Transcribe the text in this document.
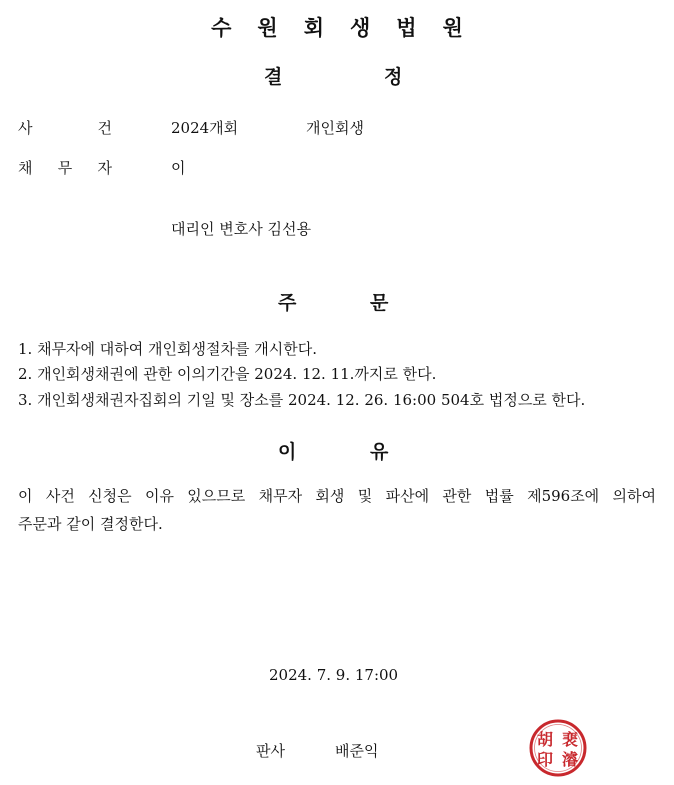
수원회생법원
결	정
사	건	2024개회	개인회생
채 무 자	이
대리인 변호사 김선용
주	문
1. 채무자에 대하여 개인회생절차를 개시한다.
2. 개인회생채권에 관한 이의기간을 2024. 12. 11.까지로 한다.
3. 개인회생채권자집회의 기일 및 장소를 2024. 12. 26. 16:00 504호 법정으로 한다.
이	유
이 사건 신청은 이유 있으므로 채무자 회생 및 파산에 관한 법률 제596조에 의하여
주문과 같이 결정한다.
2024. 7. 9. 17:00
판사	배준익
胡 裵
印 濬
